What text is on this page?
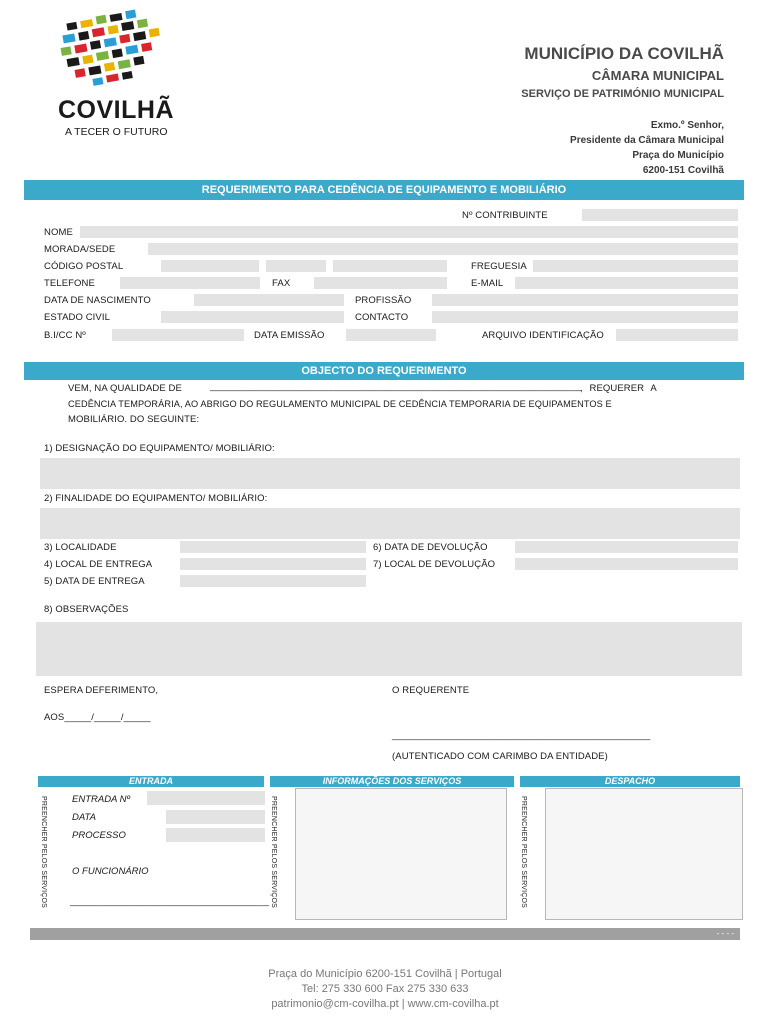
COVILHÃ
A TECER O FUTURO
MUNICÍPIO DA COVILHÃ
CÂMARA MUNICIPAL
SERVIÇO DE PATRIMÓNIO MUNICIPAL
Exmo.º Senhor,
Presidente da Câmara Municipal
Praça do Município
6200-151 Covilhã
REQUERIMENTO PARA CEDÊNCIA DE EQUIPAMENTO E MOBILIÁRIO
Nº CONTRIBUINTE
NOME
MORADA/SEDE
CÓDIGO POSTAL	FREGUESIA
TELEFONE	FAX	E-MAIL
DATA DE NASCIMENTO	PROFISSÃO
ESTADO CIVIL	CONTACTO
B.I/CC Nº	DATA EMISSÃO	ARQUIVO IDENTIFICAÇÃO
OBJECTO DO REQUERIMENTO
VEM, NA QUALIDADE DE	_____________________________________________________________________
, REQUERER A
CEDÊNCIA TEMPORÁRIA, AO ABRIGO DO REGULAMENTO MUNICIPAL DE CEDÊNCIA TEMPORARIA DE EQUIPAMENTOS E
MOBILIÁRIO. DO SEGUINTE:
1) DESIGNAÇÃO DO EQUIPAMENTO/ MOBILIÁRIO:
2) FINALIDADE DO EQUIPAMENTO/ MOBILIÁRIO:
3) LOCALIDADE	6) DATA DE DEVOLUÇÃO
4) LOCAL DE ENTREGA	7) LOCAL DE DEVOLUÇÃO
5) DATA DE ENTREGA
8) OBSERVAÇÕES
ESPERA DEFERIMENTO,	O REQUERENTE
AOS_____/_____/_____
________________________________________________
(AUTENTICADO COM CARIMBO DA ENTIDADE)
ENTRADA	INFORMAÇÕES DOS SERVIÇOS	DESPACHO
PREENCHER PELOS SERVIÇOS	PREENCHER PELOS SERVIÇOS	PREENCHER PELOS SERVIÇOS
ENTRADA Nº
DATA
PROCESSO
O FUNCIONÁRIO
_____________________________________
- - - -
Praça do Município 6200-151 Covilhã | Portugal
Tel: 275 330 600 Fax 275 330 633
patrimonio@cm-covilha.pt | www.cm-covilha.pt
